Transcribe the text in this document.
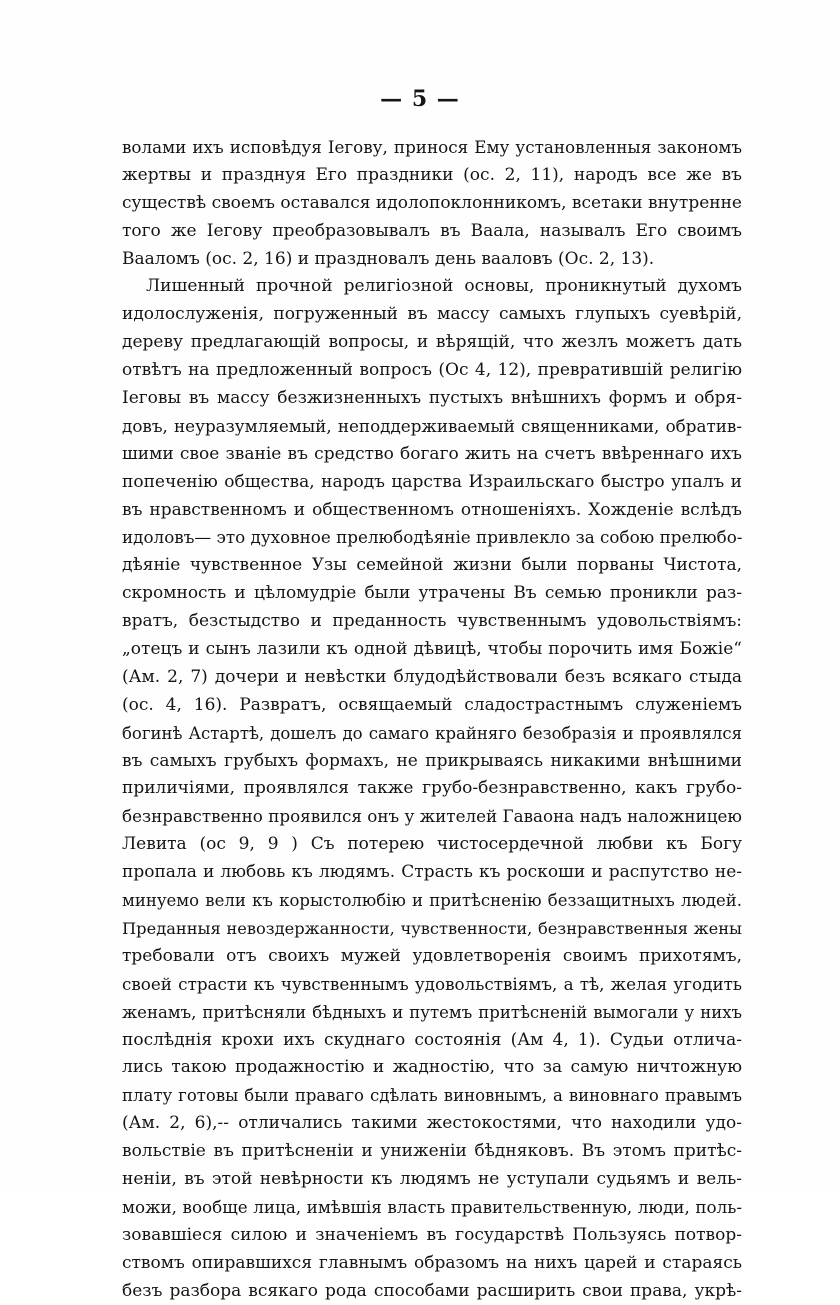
— 5 —
волами ихъ исповѣдуя Іегову, принося Ему установленныя закономъ
жертвы и празднуя Его праздники (ос. 2, 11), народъ все же въ
существѣ своемъ оставался идолопоклонникомъ, всетаки внутренне
того же Іегову преобразовывалъ въ Ваала, называлъ Его своимъ
Вааломъ (ос. 2, 16) и праздновалъ день вааловъ (Ос. 2, 13).
Лишенный прочной религіозной основы, проникнутый духомъ
идолослуженія, погруженный въ массу самыхъ глупыхъ суевѣрій,
дереву предлагающій вопросы, и вѣрящій, что жезлъ можетъ дать
отвѣтъ на предложенный вопросъ (Ос 4, 12), превратившій религію
Іеговы въ массу безжизненныхъ пустыхъ внѣшнихъ формъ и обря-
довъ, неуразумляемый, неподдерживаемый священниками, обратив-
шими свое званіе въ средство богаго жить на счетъ ввѣреннаго ихъ
попеченію общества, народъ царства Израильскаго быстро упалъ и
въ нравственномъ и общественномъ отношеніяхъ. Хожденіе вслѣдъ
идоловъ— это духовное прелюбодѣяніе привлекло за собою прелюбо-
дѣяніе чувственное Узы семейной жизни были порваны Чистота,
скромность и цѣломудріе были утрачены Въ семью проникли раз-
вратъ, безстыдство и преданность чувственнымъ удовольствіямъ:
„отецъ и сынъ лазили къ одной дѣвицѣ, чтобы порочить имя Божіе“
(Ам. 2, 7) дочери и невѣстки блудодѣйствовали безъ всякаго стыда
(ос. 4, 16). Развратъ, освящаемый сладострастнымъ служеніемъ
богинѣ Астартѣ, дошелъ до самаго крайняго безобразія и проявлялся
въ самыхъ грубыхъ формахъ, не прикрываясь никакими внѣшними
приличіями, проявлялся также грубо-безнравственно, какъ грубо-
безнравственно проявился онъ у жителей Гаваона надъ наложницею
Левита (ос 9, 9 ) Съ потерею чистосердечной любви къ Богу
пропала и любовь къ людямъ. Страсть къ роскоши и распутство не-
минуемо вели къ корыстолюбію и притѣсненію беззащитныхъ людей.
Преданныя невоздержанности, чувственности, безнравственныя жены
требовали отъ своихъ мужей удовлетворенія своимъ прихотямъ,
своей страсти къ чувственнымъ удовольствіямъ, а тѣ, желая угодить
женамъ, притѣсняли бѣдныхъ и путемъ притѣсненій вымогали у нихъ
послѣднія крохи ихъ скуднаго состоянія (Ам 4, 1). Судьи отлича-
лись такою продажностію и жадностію, что за самую ничтожную
плату готовы были праваго сдѣлать виновнымъ, а виновнаго правымъ
(Ам. 2, 6),-- отличались такими жестокостями, что находили удо-
вольствіе въ притѣсненіи и униженіи бѣдняковъ. Въ этомъ притѣс-
неніи, въ этой невѣрности къ людямъ не уступали судьямъ и вель-
можи, вообще лица, имѣвшія власть правительственную, люди, поль-
зовавшіеся силою и значеніемъ въ государствѣ Пользуясь потвор-
ствомъ опиравшихся главнымъ образомъ на нихъ царей и стараясь
безъ разбора всякаго рода способами расширить свои права, укрѣ-
